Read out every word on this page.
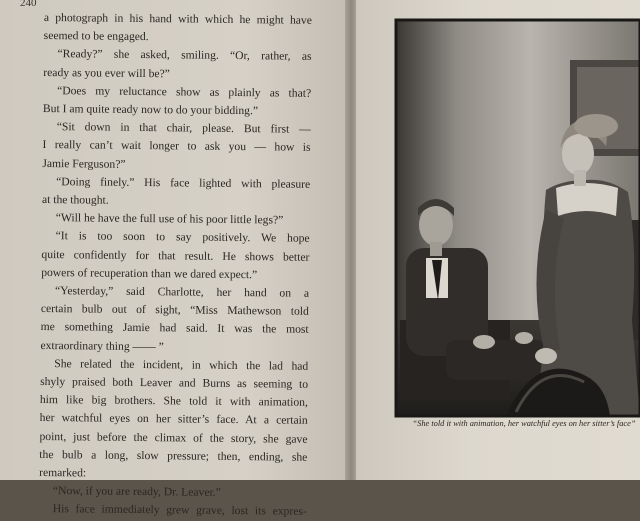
240
a photograph in his hand with which he might have
seemed to be engaged.
“Ready?” she asked, smiling. “Or, rather, as
ready as you ever will be?”
“Does my reluctance show as plainly as that?
But I am quite ready now to do your bidding.”
“Sit down in that chair, please. But first —
I really can’t wait longer to ask you — how is
Jamie Ferguson?”
“Doing finely.” His face lighted with pleasure
at the thought.
“Will he have the full use of his poor little legs?”
“It is too soon to say positively. We hope
quite confidently for that result. He shows better
powers of recuperation than we dared expect.”
“Yesterday,” said Charlotte, her hand on a
certain bulb out of sight, “Miss Mathewson told
me something Jamie had said. It was the most
extraordinary thing —— ”
She related the incident, in which the lad had
shyly praised both Leaver and Burns as seeming to
him like big brothers. She told it with animation,
her watchful eyes on her sitter’s face. At a certain
point, just before the climax of the story, she gave
the bulb a long, slow pressure; then, ending, she
remarked:
“Now, if you are ready, Dr. Leaver.”
His face immediately grew grave, lost its expres-
“She told it with animation, her watchful eyes on her sitter’s face”
